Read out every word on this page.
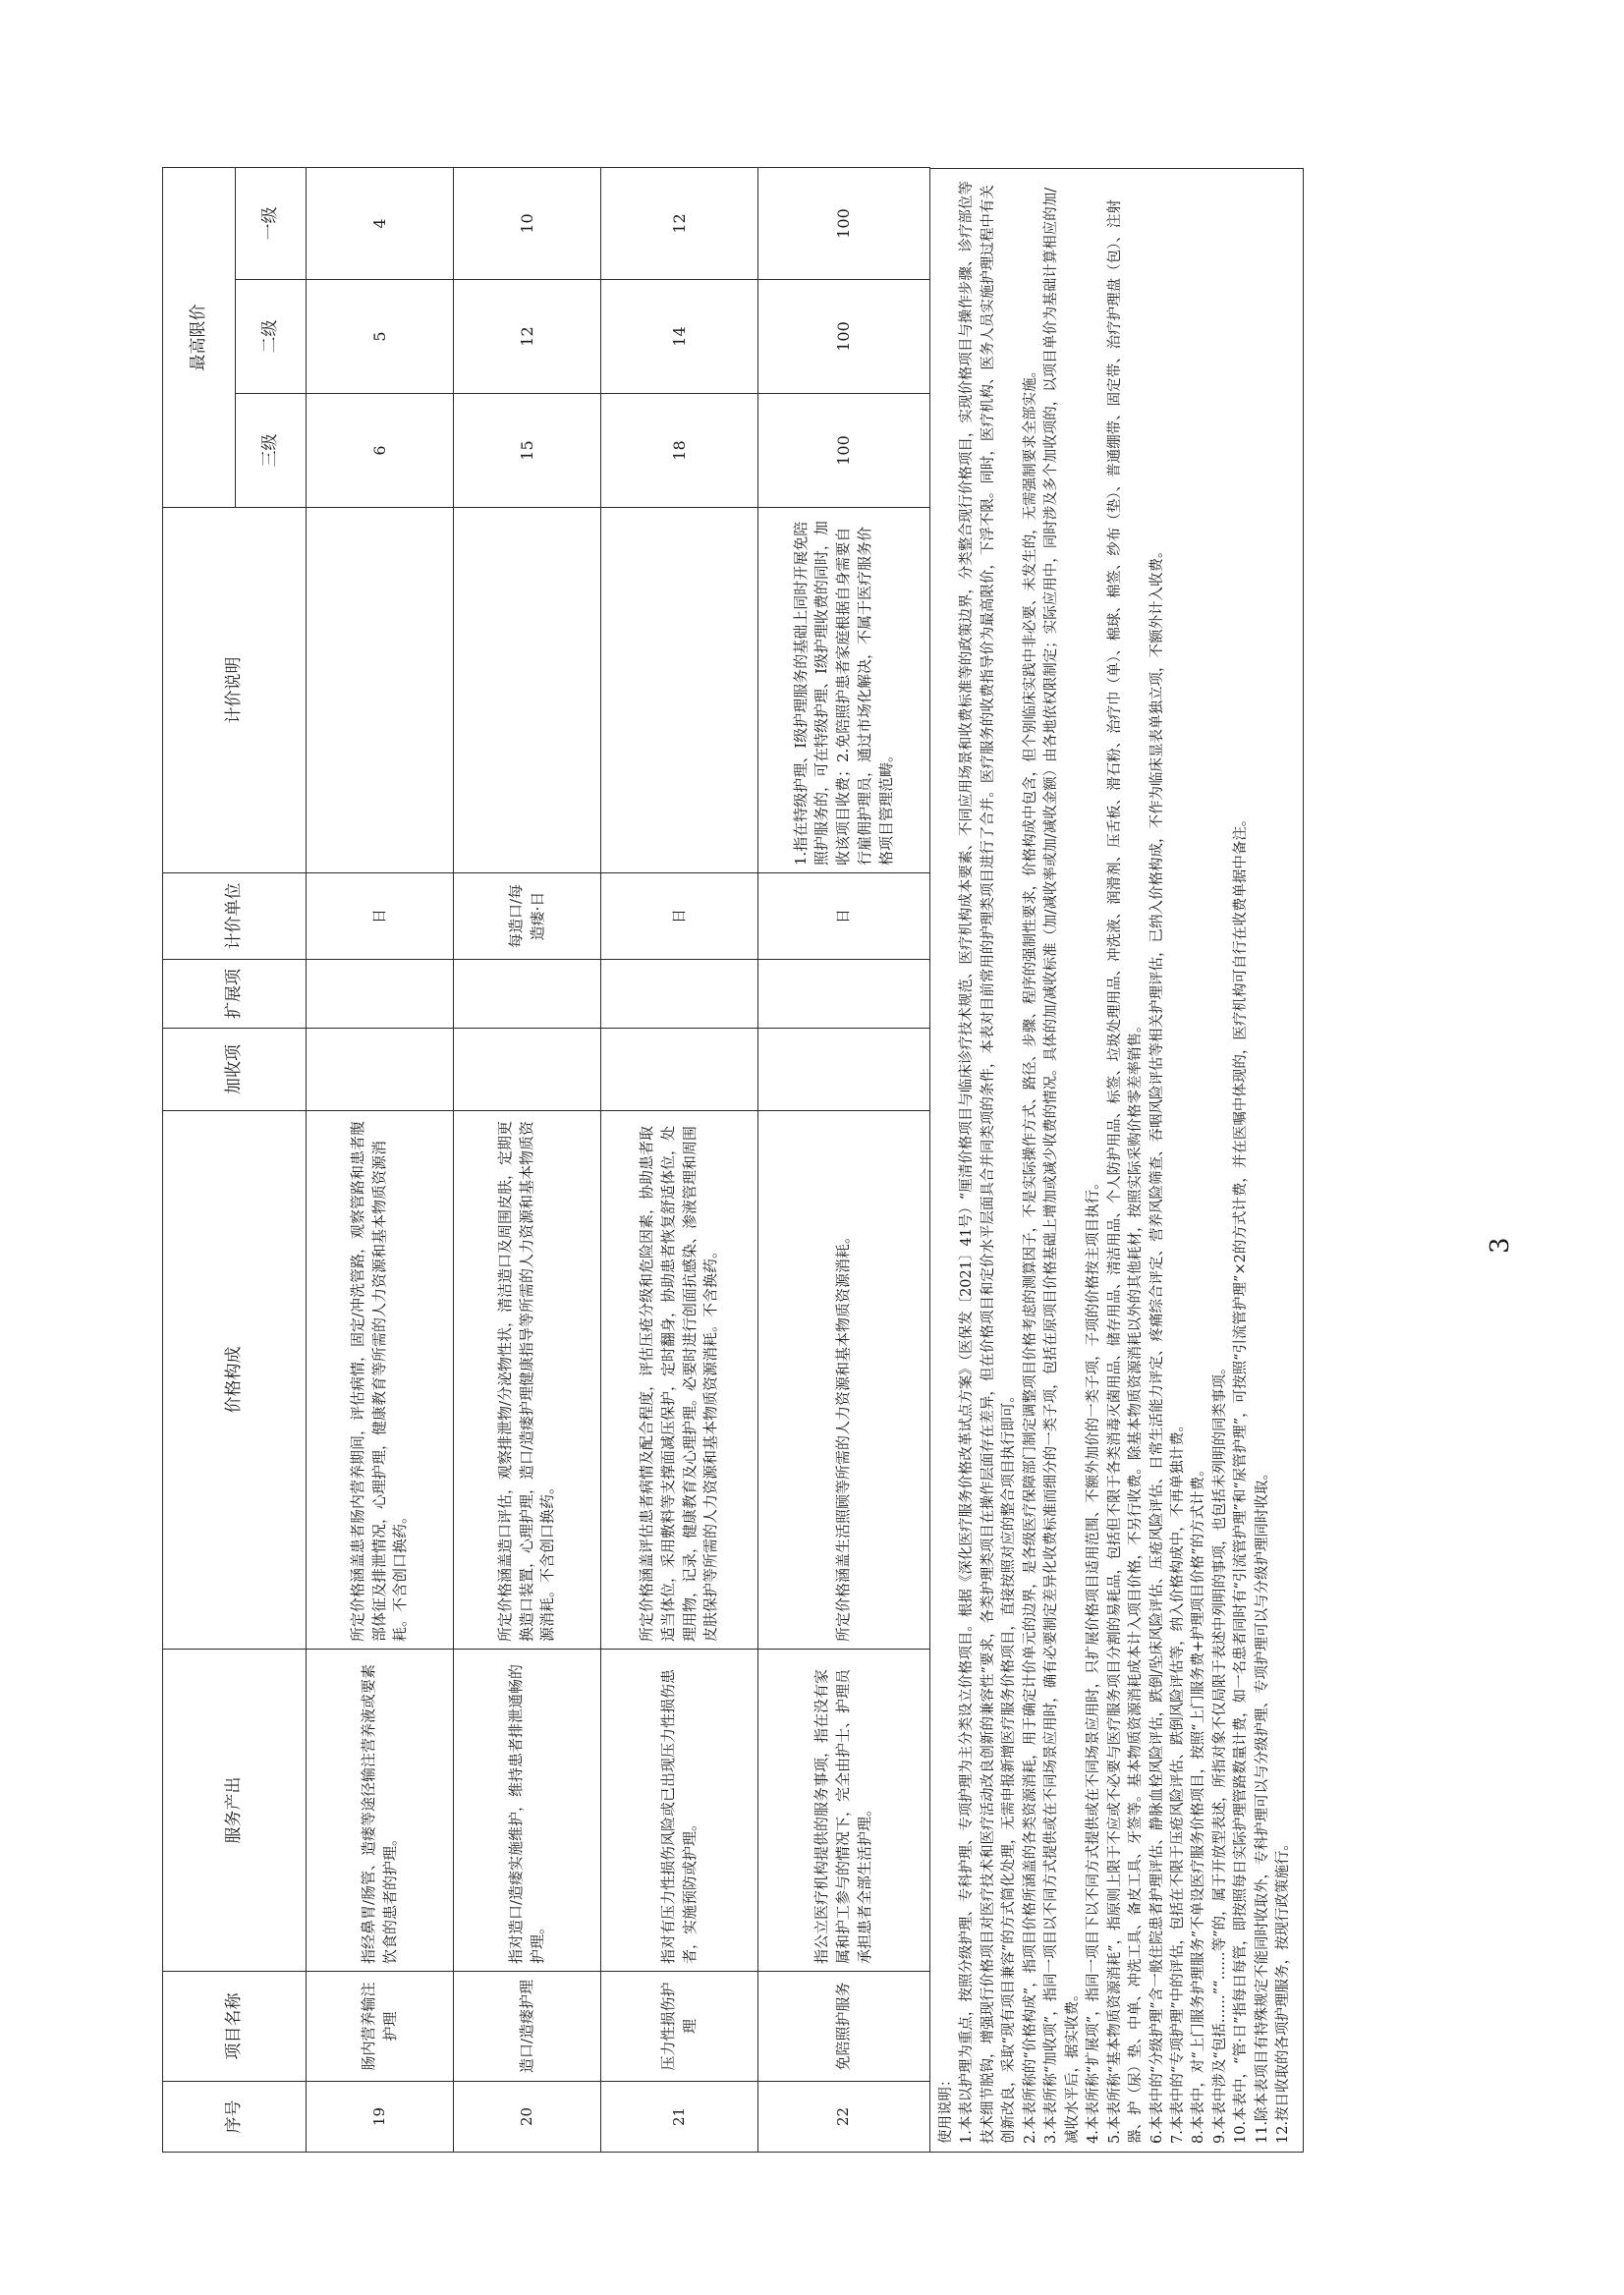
序号	项目名称	服务产出	价格构成	加收项	扩展项	计价单位	计价说明	最高限价		
								三级	二级	一级
19	肠内营养输注护理	指经鼻胃/肠管、造瘘等途径输注营养液或要素饮食的患者的护理。	所定价格涵盖患者肠内营养期间，评估病情，固定/冲洗管路，观察管路和患者腹部体征及排泄情况，心理护理，健康教育等所需的人力资源和基本物质资源消耗。不含创口换药。			日		6	5	4
20	造口/造瘘护理	指对造口/造瘘实施维护，维持患者排泄通畅的护理。	所定价格涵盖造口评估，观察排泄物/分泌物性状，清洁造口及周围皮肤，定期更换造口装置，心理护理，造口/造瘘护理健康指导等所需的人力资源和基本物质资源消耗。不含创口换药。			每造口/每造瘘·日		15	12	10
21	压力性损伤护理	指对有压力性损伤风险或已出现压力性损伤患者，实施预防或护理。	所定价格涵盖评估患者病情及配合程度，评估压疮分级和危险因素，协助患者取适当体位，采用敷料等支撑面减压保护，定时翻身，协助患者恢复舒适体位，处理用物，记录，健康教育及心理护理。必要时进行创面抗感染、渗液管理和周围皮肤保护等所需的人力资源和基本物质资源消耗。不含换药。			日		18	14	12
22	免陪照护服务	指公立医疗机构提供的服务事项，指在没有家属和护工参与的情况下，完全由护士、护理员承担患者全部生活护理。	所定价格涵盖生活照顾等所需的人力资源和基本物质资源消耗。			日	1.指在特级护理、I级护理服务的基础上同时开展免陪照护服务的，可在特级护理、I级护理收费的同时，加收该项目收费；2.免陪照护患者家庭根据自身需要自行雇佣护理员，通过市场化解决，不属于医疗服务价格项目管理范畴。	100	100	100

使用说明： 1.本表以护理为重点，按照分级护理、专科护理、专项护理为主分类设立价格项目。根据《深化医疗服务价格改革试点方案》（医保发〔2021〕41号）“厘清价格项目与临床诊疗技术规范、医疗机构成本要素、不同应用场景和收费标准等的政策边界，分类整合现行价格项目，实现价格项目与操作步骤、诊疗部位等技术细节脱钩，增强现行价格项目对医疗技术和医疗活动改良创新的兼容性”要求，各类护理类项目在操作层面存在差异，但在价格项目和定价水平层面具合并同类项的条件，本表对目前常用的护理类项目进行了合并。医疗服务的收费指导价为最高限价，下浮不限。同时，医疗机构、医务人员实施护理过程中有关创新改良，采取“现有项目兼容”的方式简化处理，无需申报新增医疗服务价格项目，直接按照对应的整合项目执行即可。 2.本表所称的“价格构成”，指项目价格所涵盖的各类资源消耗，用于确定计价单元的边界，是各级医疗保障部门制定调整项目价格考虑的测算因子，不是实际操作方式、路径、步骤、程序的强制性要求，价格构成中包含，但个别临床实践中非必要、未发生的，无需强制要求全部实施。 3.本表所称“加收项”，指同一项目以不同方式提供或在不同场景应用时，确有必要制定差异化收费标准而细分的一类子项，包括在原项目价格基础上增加或减少收费的情况。具体的加/减收标准（加/减收率或加/减收金额）由各地依权限制定；实际应用中，同时涉及多个加收项的，以项目单价为基础计算相应的加/减收水平后，据实收费。 4.本表所称“扩展项”，指同一项目下以不同方式提供或在不同场景应用时，只扩展价格项目适用范围、不额外加价的一类子项，子项的价格按主项目执行。 5.本表所称“基本物质资源消耗”，指原则上限于不应或不必要与医疗服务项目分割的易耗品，包括但不限于各类消毒灭菌用品、储存用品、清洁用品、个人防护用品、标签、垃圾处理用品、冲洗液、润滑剂、压舌板、滑石粉、治疗巾（单）、棉球、棉签、纱布（垫）、普通绷带、固定带、治疗护理盘（包）、注射器、护（尿）垫、中单、冲洗工具、备皮工具、牙签等。基本物质资源消耗成本计入项目价格，不另行收费。除基本物质资源消耗以外的其他耗材，按照实际采购价格零差率销售。 6.本表中的“分级护理”含一般住院患者护理评估、静脉血栓风险评估，跌倒/坠床风险评估、压疮风险评估、日常生活能力评定、疼痛综合评定、营养风险筛查、吞咽风险评估等相关护理评估，已纳入价格构成，不作为临床显表单独立项，不额外计入收费。 7.本表中的“专项护理”中的评估，包括在不限于压疮风险评估、跌倒风险评估等，纳入价格构成中，不再单独计费。 8.本表中，对“上门服务护理服务”不单设医疗服务价格项目，按照“上门服务费+护理项目价格”的方式计费。 9.本表中涉及“包括……”“……等”的，属于开放型表述，所指对象不仅局限于表述中列明的事项，也包括未列明的同类事项。 10.本表中，“管·日”指每日每管，即按照每日实际护理管路数量计费，如一名患者同时有“引流管护理”和“尿管护理”，可按照“引流管护理”×2的方式计费，并在医嘱中体现的，医疗机构可自行在收费单据中备注。 11.除本表项目有特殊规定不能同时收取外，专科护理可以与分级护理、专项护理可以与分级护理同时收取。 12.按日收取的各项护理服务，按现行政策施行。

3
